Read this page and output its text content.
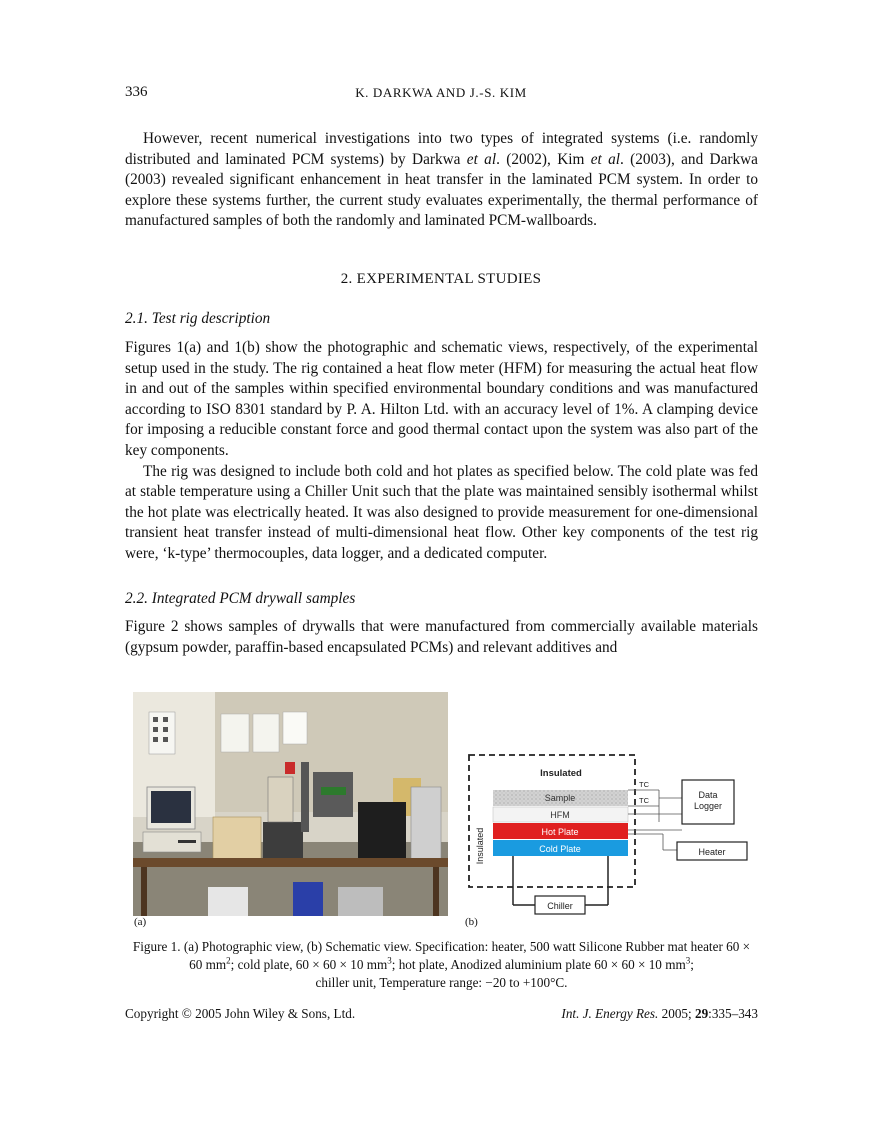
336	K. DARKWA AND J.-S. KIM

However, recent numerical investigations into two types of integrated systems (i.e. randomly distributed and laminated PCM systems) by Darkwa et al. (2002), Kim et al. (2003), and Darkwa (2003) revealed significant enhancement in heat transfer in the laminated PCM system. In order to explore these systems further, the current study evaluates experimentally, the thermal performance of manufactured samples of both the randomly and laminated PCM-wallboards.

2. EXPERIMENTAL STUDIES
2.1. Test rig description

Figures 1(a) and 1(b) show the photographic and schematic views, respectively, of the experimental setup used in the study. The rig contained a heat flow meter (HFM) for measuring the actual heat flow in and out of the samples within specified environmental boundary conditions and was manufactured according to ISO 8301 standard by P. A. Hilton Ltd. with an accuracy level of 1%. A clamping device for imposing a reducible constant force and good thermal contact upon the system was also part of the key components.

The rig was designed to include both cold and hot plates as specified below. The cold plate was fed at stable temperature using a Chiller Unit such that the plate was maintained sensibly isothermal whilst the hot plate was electrically heated. It was also designed to provide measurement for one-dimensional transient heat transfer instead of multi-dimensional heat flow. Other key components of the test rig were, ‘k-type’ thermocouples, data logger, and a dedicated computer.

2.2. Integrated PCM drywall samples

Figure 2 shows samples of drywalls that were manufactured from commercially available materials (gypsum powder, paraffin-based encapsulated PCMs) and relevant additives and

(a)
Insulated
Insulated
Sample
HFM
Hot Plate
Cold Plate
TC
TC
Data
Logger
Heater
Chiller
(b)
Figure 1. (a) Photographic view, (b) Schematic view. Specification: heater, 500 watt Silicone Rubber mat heater 60 × 60 $mm^2$; cold plate, 60 × 60 × 10 $mm^3$; hot plate, Anodized aluminium plate 60 × 60 × 10 $mm^3$;
chiller unit, Temperature range: −20 to +100°C.
Copyright © 2005 John Wiley & Sons, Ltd.	Int. J. Energy Res. 2005; 29:335–343
